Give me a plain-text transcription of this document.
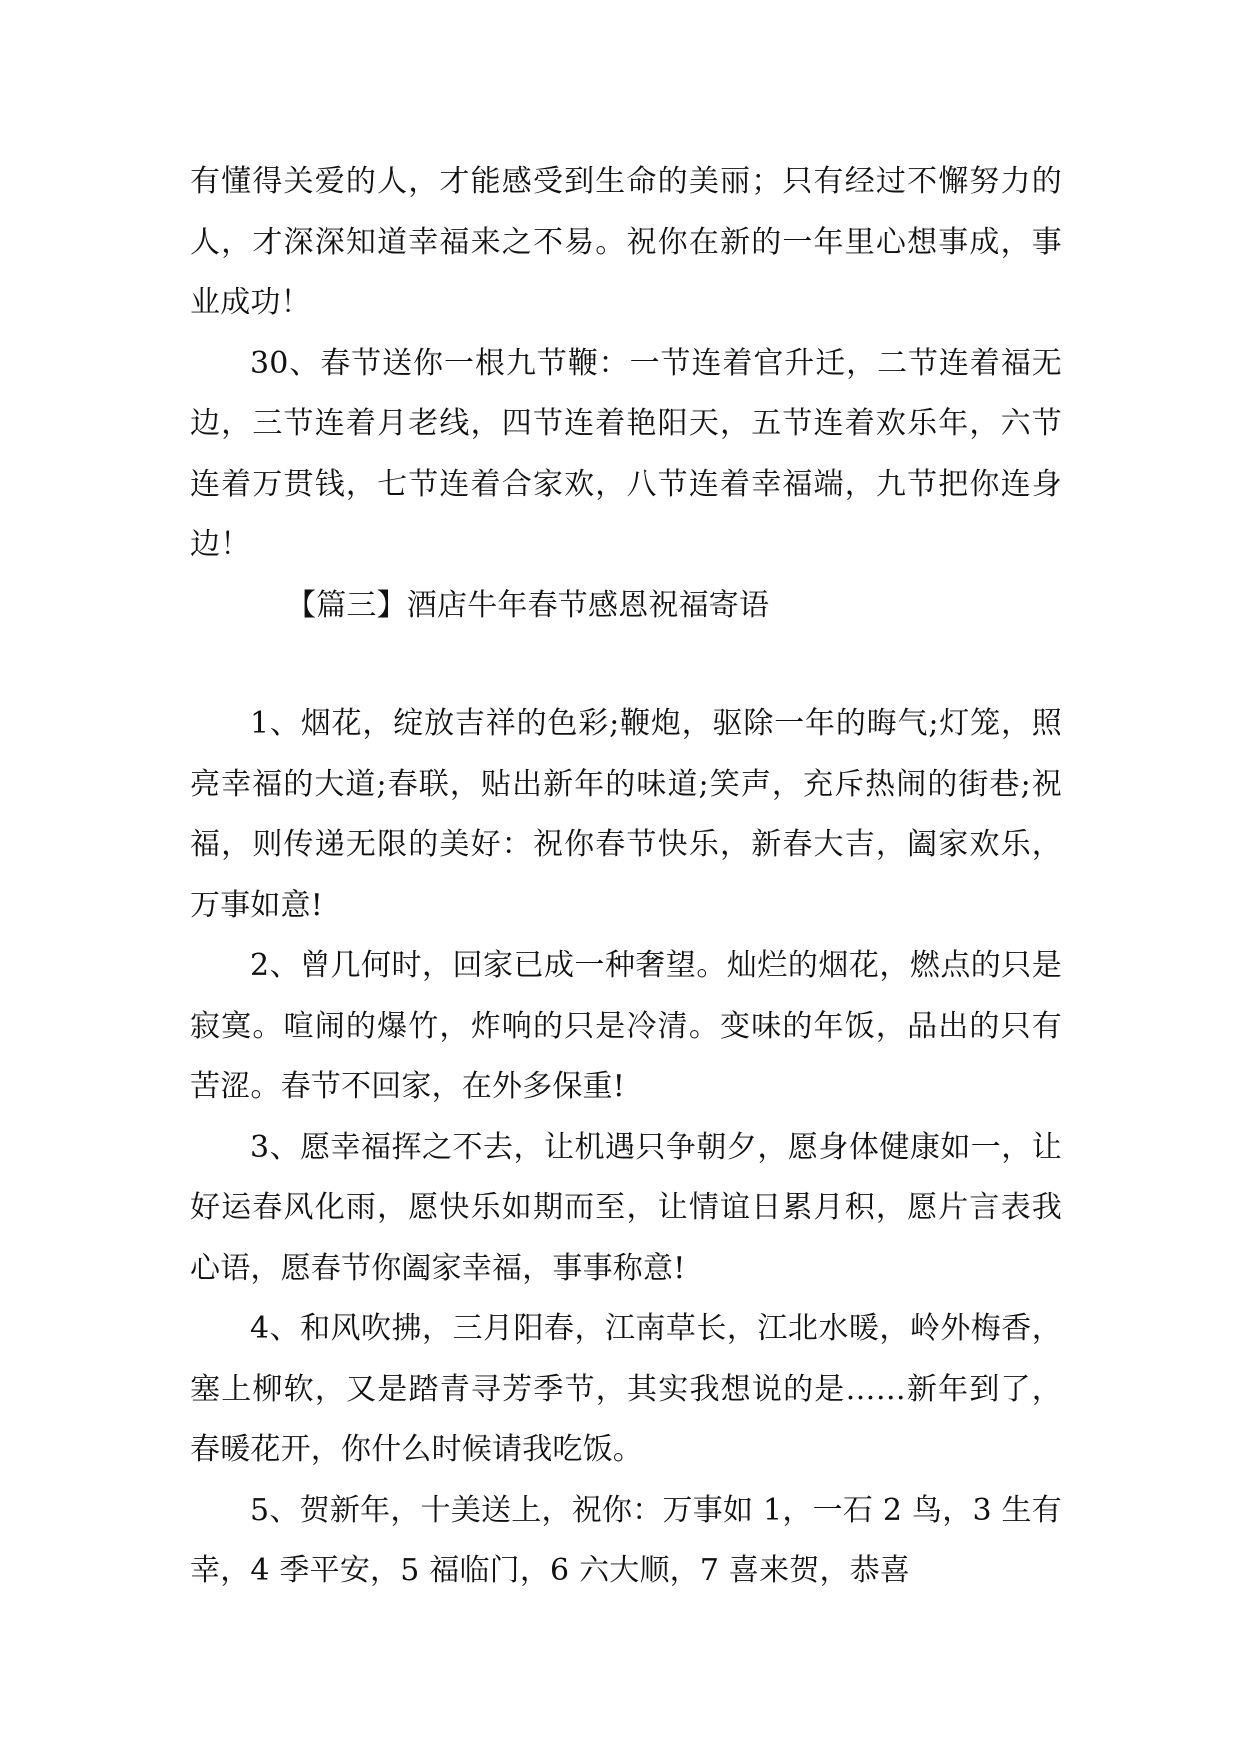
有懂得关爱的人，才能感受到生命的美丽；只有经过不懈努力的人，才深深知道幸福来之不易。祝你在新的一年里心想事成，事业成功！

30、春节送你一根九节鞭：一节连着官升迁，二节连着福无边，三节连着月老线，四节连着艳阳天，五节连着欢乐年，六节连着万贯钱，七节连着合家欢，八节连着幸福端，九节把你连身边！

【篇三】酒店牛年春节感恩祝福寄语

1、烟花，绽放吉祥的色彩;鞭炮，驱除一年的晦气;灯笼，照亮幸福的大道;春联，贴出新年的味道;笑声，充斥热闹的街巷;祝福，则传递无限的美好：祝你春节快乐，新春大吉，阖家欢乐，万事如意!

2、曾几何时，回家已成一种奢望。灿烂的烟花，燃点的只是寂寞。喧闹的爆竹，炸响的只是冷清。变味的年饭，品出的只有苦涩。春节不回家，在外多保重!

3、愿幸福挥之不去，让机遇只争朝夕，愿身体健康如一，让好运春风化雨，愿快乐如期而至，让情谊日累月积，愿片言表我心语，愿春节你阖家幸福，事事称意!

4、和风吹拂，三月阳春，江南草长，江北水暖，岭外梅香，塞上柳软，又是踏青寻芳季节，其实我想说的是……新年到了，春暖花开，你什么时候请我吃饭。

5、贺新年，十美送上，祝你：万事如 1，一石 2 鸟，3 生有幸，4 季平安，5 福临门，6 六大顺，7 喜来贺，恭喜
